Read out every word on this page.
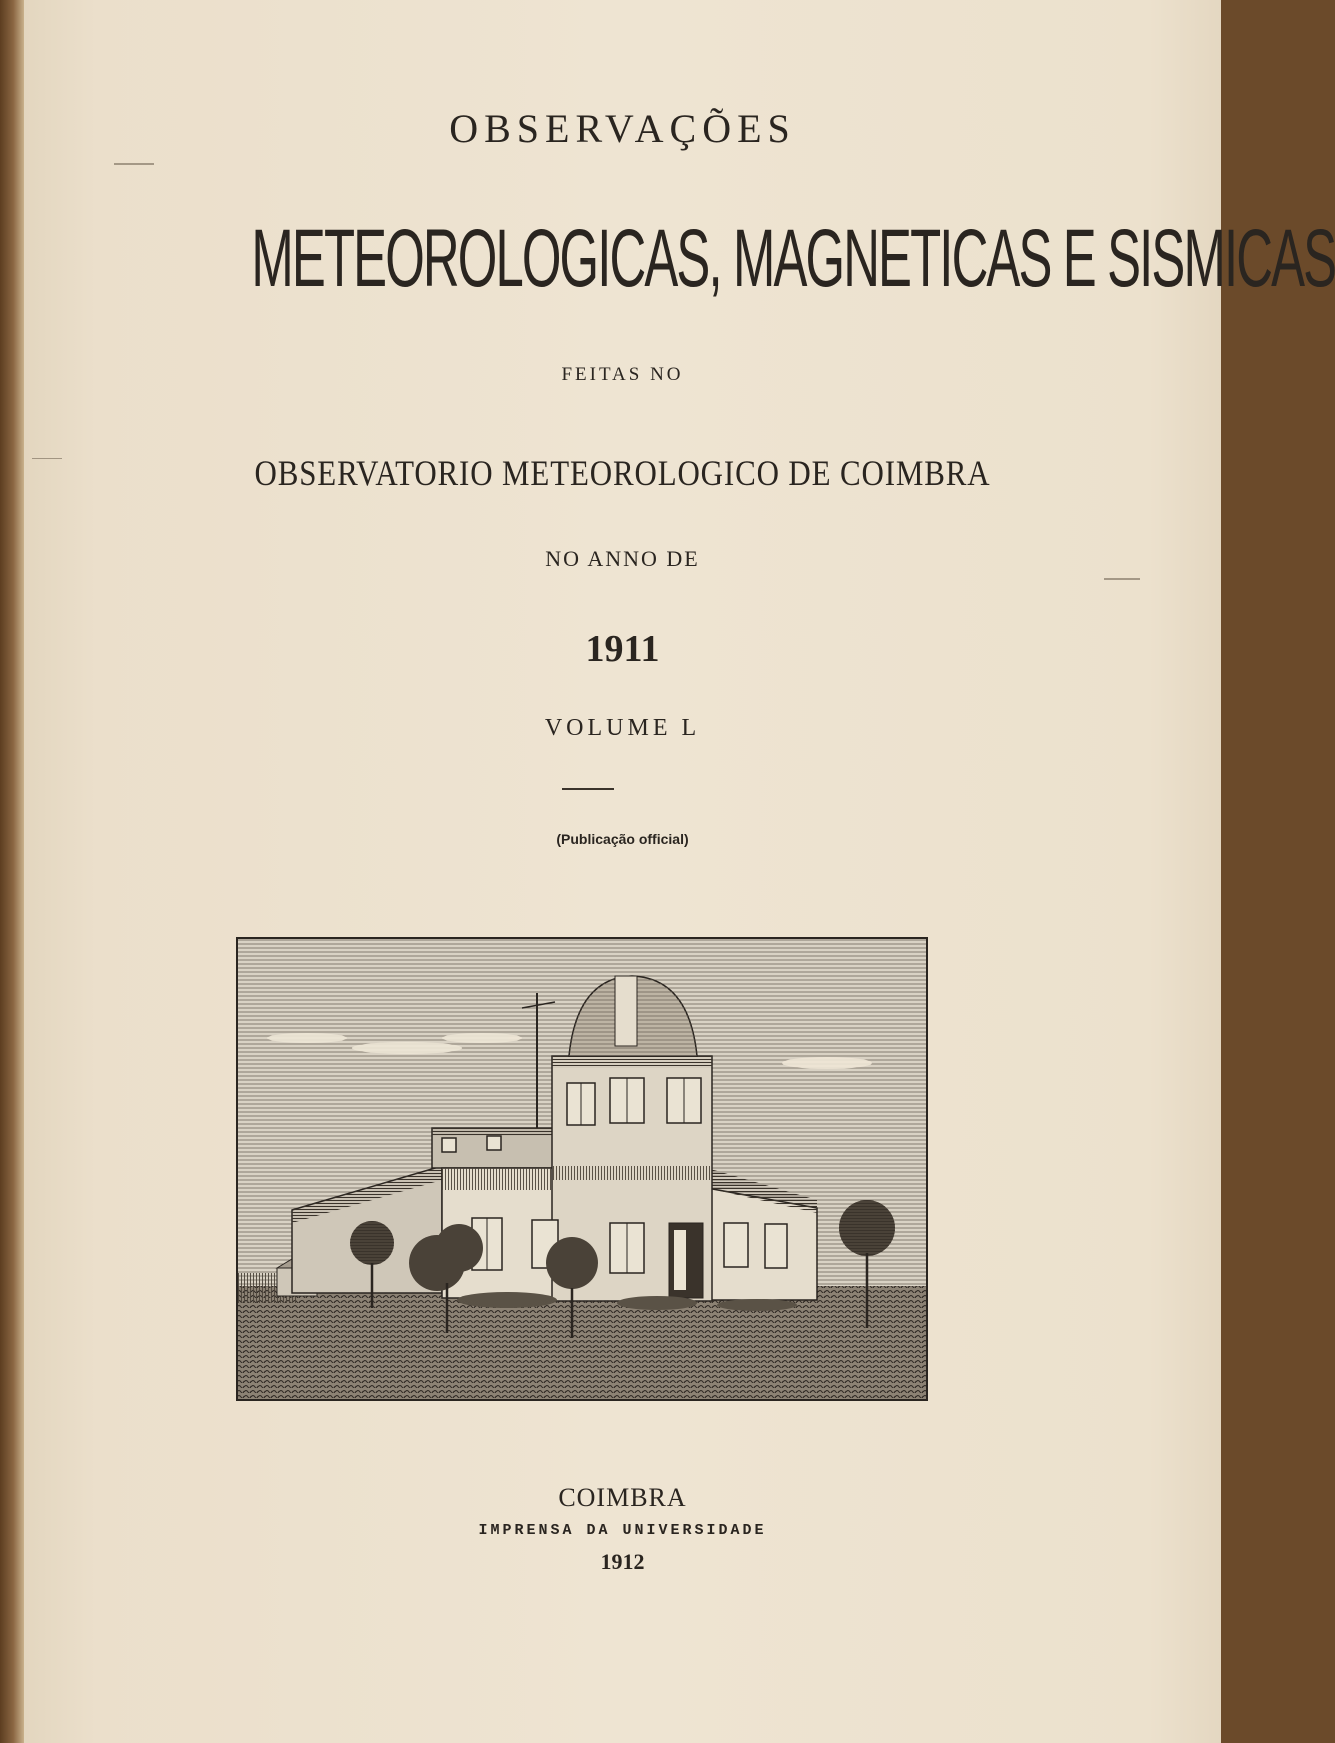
OBSERVAÇÕES
METEOROLOGICAS, MAGNETICAS E SISMICAS
FEITAS NO
OBSERVATORIO METEOROLOGICO DE COIMBRA
NO ANNO DE
1911
VOLUME L
(Publicação official)
COIMBRA
IMPRENSA DA UNIVERSIDADE
1912
